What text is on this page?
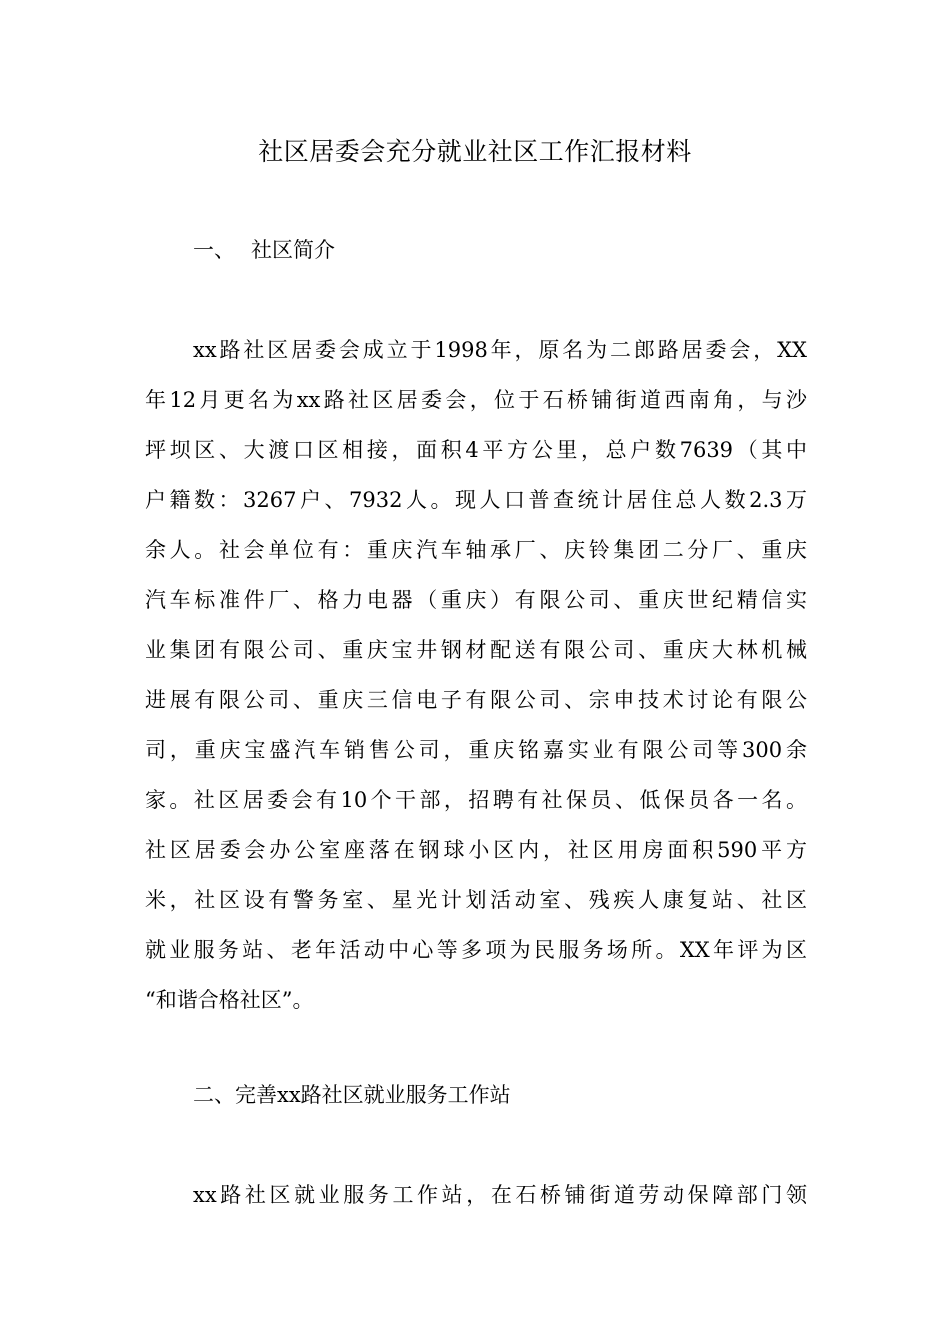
社区居委会充分就业社区工作汇报材料
一、 社区简介
xx路社区居委会成立于1998年，原名为二郎路居委会，XX
年12月更名为xx路社区居委会，位于石桥铺街道西南角，与沙
坪坝区、大渡口区相接，面积4平方公里，总户数7639（其中
户籍数：3267户、7932人。现人口普查统计居住总人数2.3万
余人。社会单位有：重庆汽车轴承厂、庆铃集团二分厂、重庆
汽车标准件厂、格力电器（重庆）有限公司、重庆世纪精信实
业集团有限公司、重庆宝井钢材配送有限公司、重庆大林机械
进展有限公司、重庆三信电子有限公司、宗申技术讨论有限公
司，重庆宝盛汽车销售公司，重庆铭嘉实业有限公司等300余
家。社区居委会有10个干部，招聘有社保员、低保员各一名。
社区居委会办公室座落在钢球小区内，社区用房面积590平方
米，社区设有警务室、星光计划活动室、残疾人康复站、社区
就业服务站、老年活动中心等多项为民服务场所。XX年评为区
“和谐合格社区”。
二、完善xx路社区就业服务工作站
xx路社区就业服务工作站，在石桥铺街道劳动保障部门领
